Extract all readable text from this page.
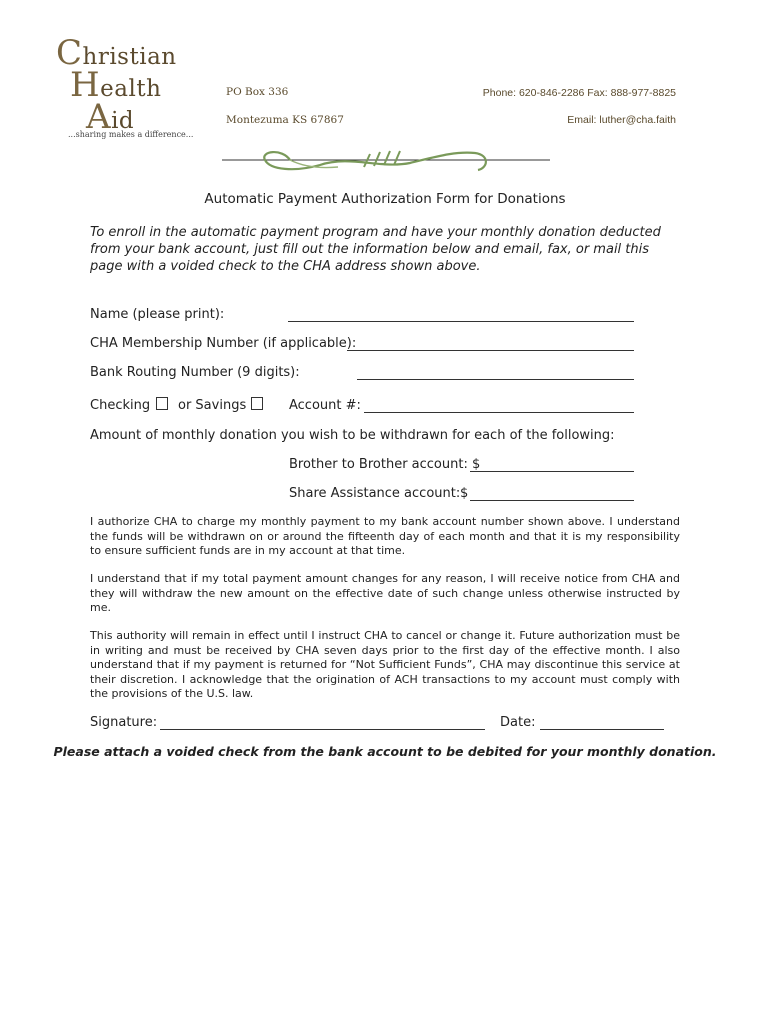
Christian
Health
Aid
...sharing makes a difference...
PO Box 336
Montezuma KS 67867
Phone: 620-846-2286 Fax: 888-977-8825
Email: luther@cha.faith
Automatic Payment Authorization Form for Donations
To enroll in the automatic payment program and have your monthly donation deducted from your bank account, just fill out the information below and email, fax, or mail this page with a voided check to the CHA address shown above.
Name (please print):
CHA Membership Number (if applicable):
Bank Routing Number (9 digits):
Checking or Savings	Account #:
Amount of monthly donation you wish to be withdrawn for each of the following:
Brother to Brother account: $
Share Assistance account: $
I authorize CHA to charge my monthly payment to my bank account number shown above. I understand the funds will be withdrawn on or around the fifteenth day of each month and that it is my responsibility to ensure sufficient funds are in my account at that time.
I understand that if my total payment amount changes for any reason, I will receive notice from CHA and they will withdraw the new amount on the effective date of such change unless otherwise instructed by me.
This authority will remain in effect until I instruct CHA to cancel or change it. Future authorization must be in writing and must be received by CHA seven days prior to the first day of the effective month. I also understand that if my payment is returned for “Not Sufficient Funds”, CHA may discontinue this service at their discretion. I acknowledge that the origination of ACH transactions to my account must comply with the provisions of the U.S. law.
Signature:	Date:
Please attach a voided check from the bank account to be debited for your monthly donation.
